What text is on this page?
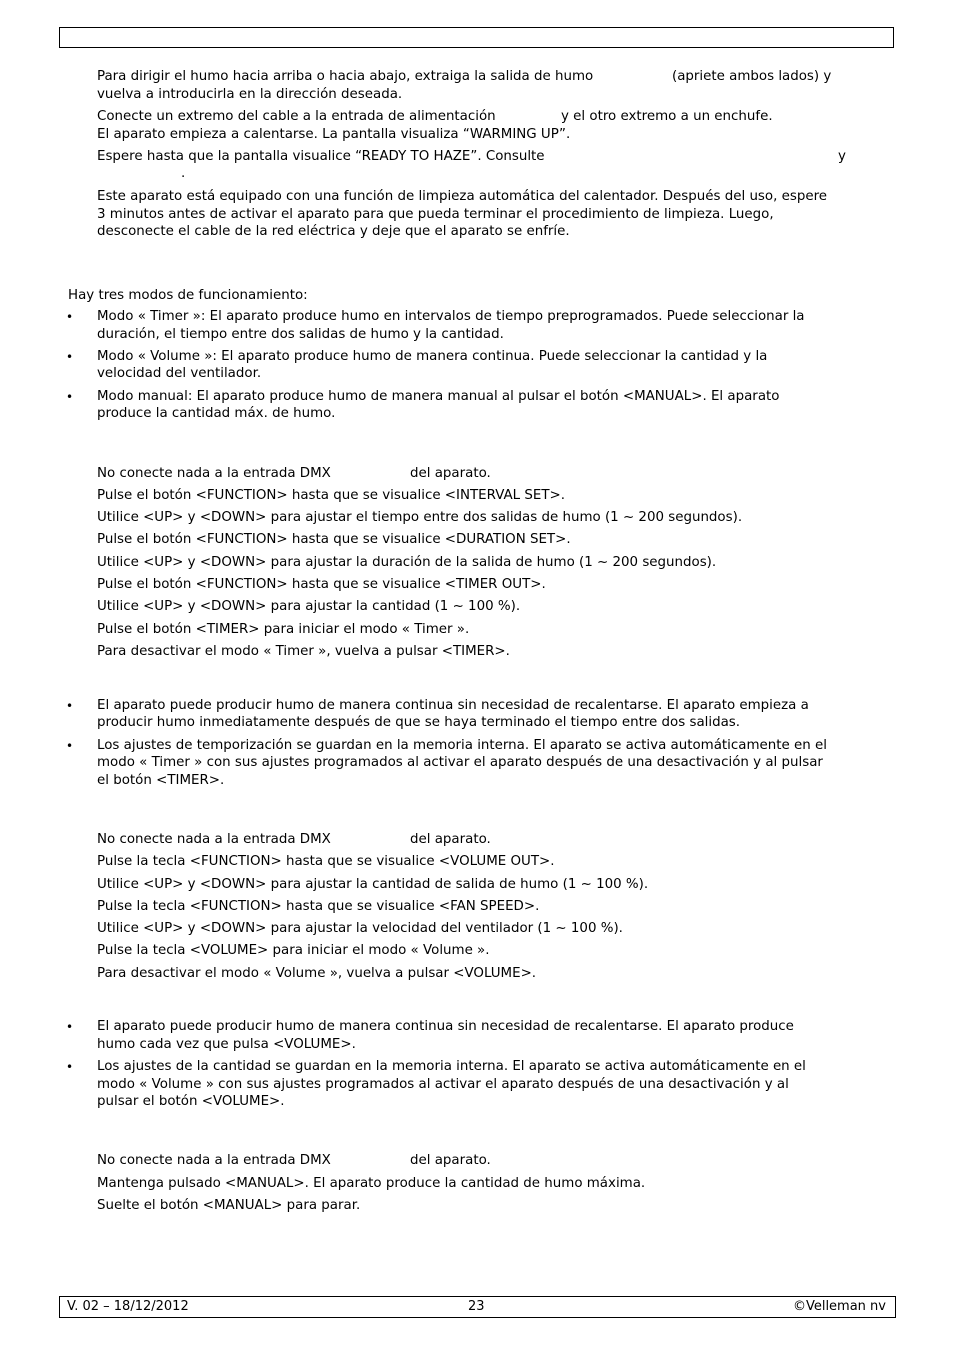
Para dirigir el humo hacia arriba o hacia abajo, extraiga la salida de humo	(apriete ambos lados) y
vuelva a introducirla en la dirección deseada.
Conecte un extremo del cable a la entrada de alimentación	y el otro extremo a un enchufe.
El aparato empieza a calentarse. La pantalla visualiza “WARMING UP”.
Espere hasta que la pantalla visualice “READY TO HAZE”. Consulte	y
.
Este aparato está equipado con una función de limpieza automática del calentador. Después del uso, espere
3 minutos antes de activar el aparato para que pueda terminar el procedimiento de limpieza. Luego,
desconecte el cable de la red eléctrica y deje que el aparato se enfríe.
Hay tres modos de funcionamiento:
• Modo « Timer »: El aparato produce humo en intervalos de tiempo preprogramados. Puede seleccionar la
duración, el tiempo entre dos salidas de humo y la cantidad.
• Modo « Volume »: El aparato produce humo de manera continua. Puede seleccionar la cantidad y la
velocidad del ventilador.
• Modo manual: El aparato produce humo de manera manual al pulsar el botón <MANUAL>. El aparato
produce la cantidad máx. de humo.
No conecte nada a la entrada DMX	del aparato.
Pulse el botón <FUNCTION> hasta que se visualice <INTERVAL SET>.
Utilice <UP> y <DOWN> para ajustar el tiempo entre dos salidas de humo (1 ~ 200 segundos).
Pulse el botón <FUNCTION> hasta que se visualice <DURATION SET>.
Utilice <UP> y <DOWN> para ajustar la duración de la salida de humo (1 ~ 200 segundos).
Pulse el botón <FUNCTION> hasta que se visualice <TIMER OUT>.
Utilice <UP> y <DOWN> para ajustar la cantidad (1 ~ 100 %).
Pulse el botón <TIMER> para iniciar el modo « Timer ».
Para desactivar el modo « Timer », vuelva a pulsar <TIMER>.
• El aparato puede producir humo de manera continua sin necesidad de recalentarse. El aparato empieza a
producir humo inmediatamente después de que se haya terminado el tiempo entre dos salidas.
• Los ajustes de temporización se guardan en la memoria interna. El aparato se activa automáticamente en el
modo « Timer » con sus ajustes programados al activar el aparato después de una desactivación y al pulsar
el botón <TIMER>.
No conecte nada a la entrada DMX	del aparato.
Pulse la tecla <FUNCTION> hasta que se visualice <VOLUME OUT>.
Utilice <UP> y <DOWN> para ajustar la cantidad de salida de humo (1 ~ 100 %).
Pulse la tecla <FUNCTION> hasta que se visualice <FAN SPEED>.
Utilice <UP> y <DOWN> para ajustar la velocidad del ventilador (1 ~ 100 %).
Pulse la tecla <VOLUME> para iniciar el modo « Volume ».
Para desactivar el modo « Volume », vuelva a pulsar <VOLUME>.
• El aparato puede producir humo de manera continua sin necesidad de recalentarse. El aparato produce
humo cada vez que pulsa <VOLUME>.
• Los ajustes de la cantidad se guardan en la memoria interna. El aparato se activa automáticamente en el
modo « Volume » con sus ajustes programados al activar el aparato después de una desactivación y al
pulsar el botón <VOLUME>.
No conecte nada a la entrada DMX	del aparato.
Mantenga pulsado <MANUAL>. El aparato produce la cantidad de humo máxima.
Suelte el botón <MANUAL> para parar.
V. 02 – 18/12/2012	23	©Velleman nv
